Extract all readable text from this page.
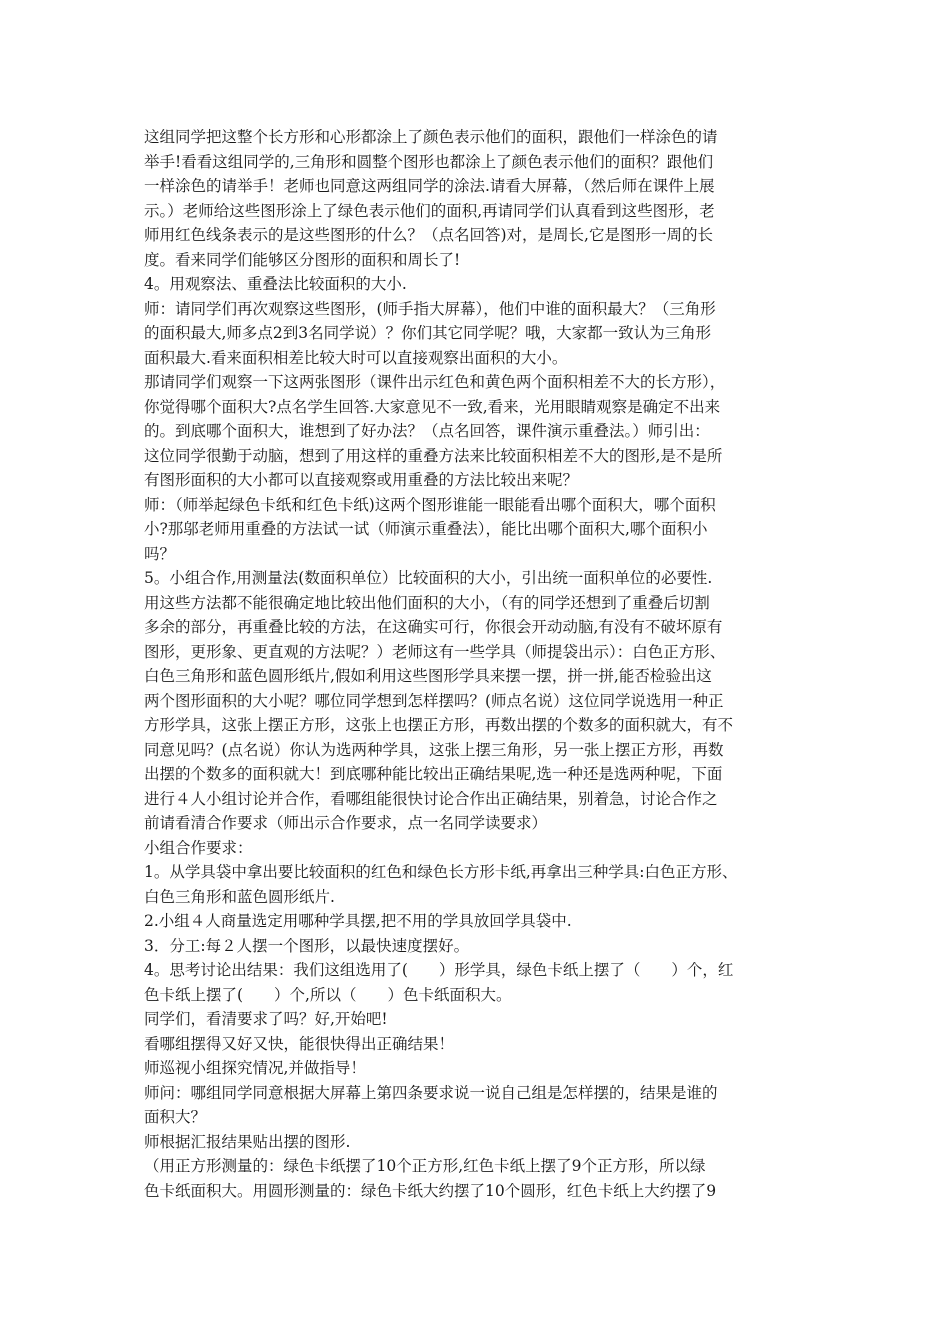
这组同学把这整个长方形和心形都涂上了颜色表示他们的面积，跟他们一样涂色的请
举手!看看这组同学的,三角形和圆整个图形也都涂上了颜色表示他们的面积？跟他们
一样涂色的请举手！老师也同意这两组同学的涂法.请看大屏幕，（然后师在课件上展
示。）老师给这些图形涂上了绿色表示他们的面积,再请同学们认真看到这些图形，老
师用红色线条表示的是这些图形的什么？（点名回答)对，是周长,它是图形一周的长
度。看来同学们能够区分图形的面积和周长了!
4。用观察法、重叠法比较面积的大小.
师：请同学们再次观察这些图形，(师手指大屏幕），他们中谁的面积最大？（三角形
的面积最大,师多点2到3名同学说）？你们其它同学呢？哦，大家都一致认为三角形
面积最大.看来面积相差比较大时可以直接观察出面积的大小。
那请同学们观察一下这两张图形（课件出示红色和黄色两个面积相差不大的长方形），
你觉得哪个面积大?点名学生回答.大家意见不一致,看来，光用眼睛观察是确定不出来
的。到底哪个面积大，谁想到了好办法？（点名回答，课件演示重叠法。）师引出：
这位同学很勤于动脑，想到了用这样的重叠方法来比较面积相差不大的图形,是不是所
有图形面积的大小都可以直接观察或用重叠的方法比较出来呢？
师：（师举起绿色卡纸和红色卡纸)这两个图形谁能一眼能看出哪个面积大，哪个面积
小?那邬老师用重叠的方法试一试（师演示重叠法），能比出哪个面积大,哪个面积小
吗？
5。小组合作,用测量法(数面积单位）比较面积的大小，引出统一面积单位的必要性.
用这些方法都不能很确定地比较出他们面积的大小，（有的同学还想到了重叠后切割
多余的部分，再重叠比较的方法，在这确实可行，你很会开动动脑,有没有不破坏原有
图形，更形象、更直观的方法呢？）老师这有一些学具（师提袋出示）：白色正方形、
白色三角形和蓝色圆形纸片,假如利用这些图形学具来摆一摆，拼一拼,能否检验出这
两个图形面积的大小呢？哪位同学想到怎样摆吗？(师点名说）这位同学说选用一种正
方形学具，这张上摆正方形，这张上也摆正方形，再数出摆的个数多的面积就大，有不
同意见吗？(点名说）你认为选两种学具，这张上摆三角形，另一张上摆正方形，再数
出摆的个数多的面积就大！到底哪种能比较出正确结果呢,选一种还是选两种呢，下面
进行４人小组讨论并合作，看哪组能很快讨论合作出正确结果，别着急，讨论合作之
前请看清合作要求（师出示合作要求，点一名同学读要求）
小组合作要求：
1。从学具袋中拿出要比较面积的红色和绿色长方形卡纸,再拿出三种学具:白色正方形、
白色三角形和蓝色圆形纸片.
2.小组４人商量选定用哪种学具摆,把不用的学具放回学具袋中.
3．分工:每２人摆一个图形，以最快速度摆好。
4。思考讨论出结果：我们这组选用了(　　）形学具，绿色卡纸上摆了（　　）个，红
色卡纸上摆了(　　）个,所以（　　）色卡纸面积大。
同学们，看清要求了吗？好,开始吧!
看哪组摆得又好又快，能很快得出正确结果！
师巡视小组探究情况,并做指导！
师问：哪组同学同意根据大屏幕上第四条要求说一说自己组是怎样摆的，结果是谁的
面积大？
师根据汇报结果贴出摆的图形.
（用正方形测量的：绿色卡纸摆了10个正方形,红色卡纸上摆了9个正方形，所以绿
色卡纸面积大。用圆形测量的：绿色卡纸大约摆了10个圆形，红色卡纸上大约摆了9
